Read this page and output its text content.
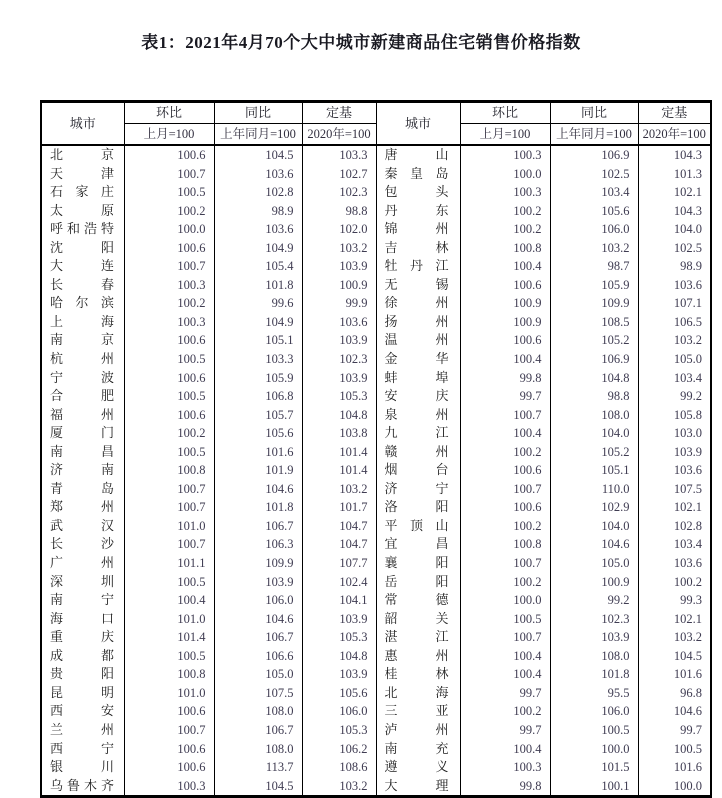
表1：2021年4月70个大中城市新建商品住宅销售价格指数
城市	环比	同比	定基	城市	环比	同比	定基
	上月=100	上年同月=100	2020年=100		上月=100	上年同月=100	2020年=100
北京	100.6	104.5	103.3	唐山	100.3	106.9	104.3
天津	100.7	103.6	102.7	秦皇岛	100.0	102.5	101.3
石家庄	100.5	102.8	102.3	包头	100.3	103.4	102.1
太原	100.2	98.9	98.8	丹东	100.2	105.6	104.3
呼和浩特	100.0	103.6	102.0	锦州	100.2	106.0	104.0
沈阳	100.6	104.9	103.2	吉林	100.8	103.2	102.5
大连	100.7	105.4	103.9	牡丹江	100.4	98.7	98.9
长春	100.3	101.8	100.9	无锡	100.6	105.9	103.6
哈尔滨	100.2	99.6	99.9	徐州	100.9	109.9	107.1
上海	100.3	104.9	103.6	扬州	100.9	108.5	106.5
南京	100.6	105.1	103.9	温州	100.6	105.2	103.2
杭州	100.5	103.3	102.3	金华	100.4	106.9	105.0
宁波	100.6	105.9	103.9	蚌埠	99.8	104.8	103.4
合肥	100.5	106.8	105.3	安庆	99.7	98.8	99.2
福州	100.6	105.7	104.8	泉州	100.7	108.0	105.8
厦门	100.2	105.6	103.8	九江	100.4	104.0	103.0
南昌	100.5	101.6	101.4	赣州	100.2	105.2	103.9
济南	100.8	101.9	101.4	烟台	100.6	105.1	103.6
青岛	100.7	104.6	103.2	济宁	100.7	110.0	107.5
郑州	100.7	101.8	101.7	洛阳	100.6	102.9	102.1
武汉	101.0	106.7	104.7	平顶山	100.2	104.0	102.8
长沙	100.7	106.3	104.7	宜昌	100.8	104.6	103.4
广州	101.1	109.9	107.7	襄阳	100.7	105.0	103.6
深圳	100.5	103.9	102.4	岳阳	100.2	100.9	100.2
南宁	100.4	106.0	104.1	常德	100.0	99.2	99.3
海口	101.0	104.6	103.9	韶关	100.5	102.3	102.1
重庆	101.4	106.7	105.3	湛江	100.7	103.9	103.2
成都	100.5	106.6	104.8	惠州	100.4	108.0	104.5
贵阳	100.8	105.0	103.9	桂林	100.4	101.8	101.6
昆明	101.0	107.5	105.6	北海	99.7	95.5	96.8
西安	100.6	108.0	106.0	三亚	100.2	106.0	104.6
兰州	100.7	106.7	105.3	泸州	99.7	100.5	99.7
西宁	100.6	108.0	106.2	南充	100.4	100.0	100.5
银川	100.6	113.7	108.6	遵义	100.3	101.5	101.6
乌鲁木齐	100.3	104.5	103.2	大理	99.8	100.1	100.0
